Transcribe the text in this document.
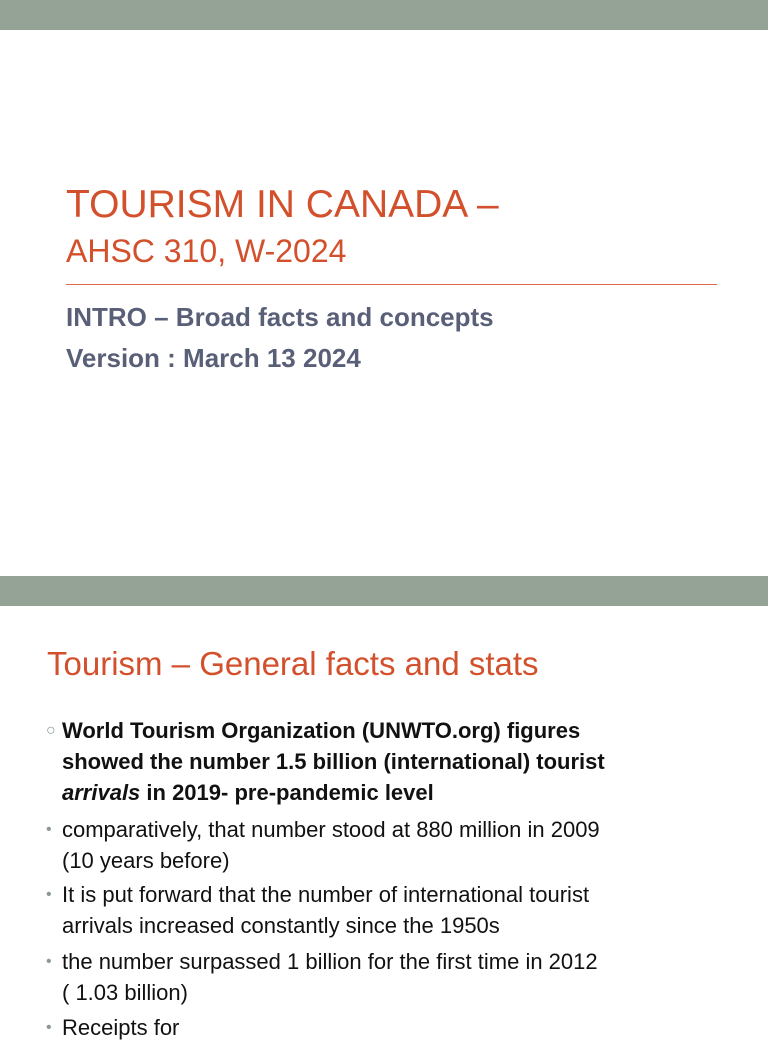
TOURISM IN CANADA –
AHSC 310, W-2024
INTRO – Broad facts and concepts
Version : March 13 2024
Tourism – General facts and stats
○ World Tourism Organization (UNWTO.org) figures
showed the number 1.5 billion (international) tourist
arrivals in 2019- pre-pandemic level
• comparatively, that number stood at 880 million in 2009
(10 years before)
• It is put forward that the number of international tourist
arrivals increased constantly since the 1950s
• the number surpassed 1 billion for the first time in 2012
( 1.03 billion)
• Receipts for
